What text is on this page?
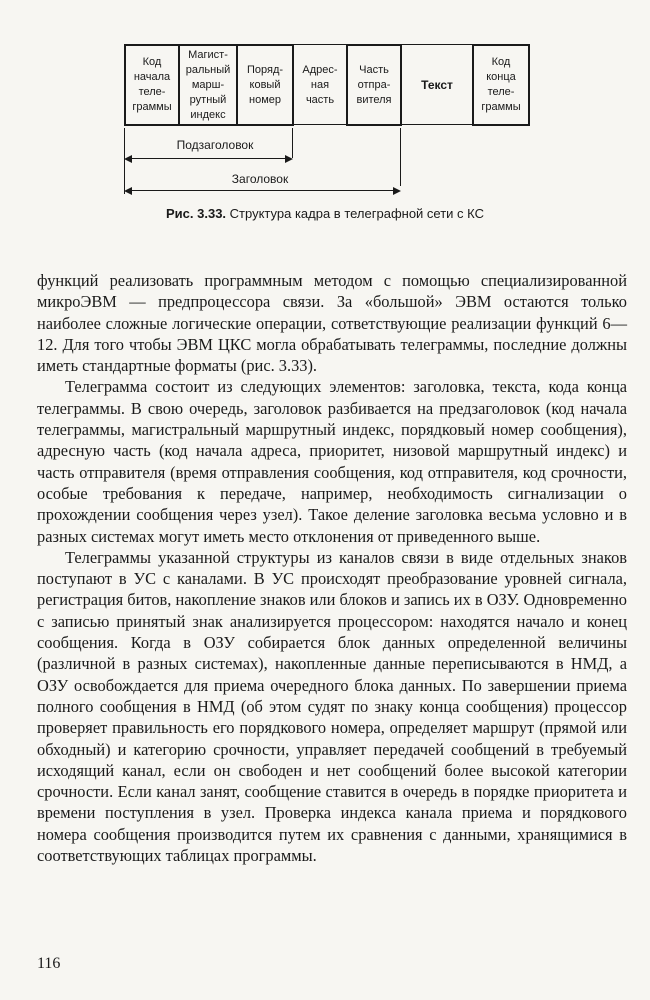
Код
начала
теле-
граммы
Магист-
ральный
марш-
рутный
индекс
Поряд-
ковый
номер
Адрес-
ная
часть
Часть
отпра-
вителя
Текст
Код
конца
теле-
граммы
Подзаголовок
Заголовок
Рис. 3.33. Структура кадра в телеграфной сети с КС

функций реализовать программным методом с помощью специализированной микроЭВМ — предпроцессора связи. За «большой» ЭВМ остаются только наиболее сложные логические операции, сответствующие реализации функций 6—12. Для того чтобы ЭВМ ЦКС могла обрабатывать телеграммы, последние должны иметь стандартные форматы (рис. 3.33).

Телеграмма состоит из следующих элементов: заголовка, текста, кода конца телеграммы. В свою очередь, заголовок разбивается на предзаголовок (код начала телеграммы, магистральный маршрутный индекс, порядковый номер сообщения), адресную часть (код начала адреса, приоритет, низовой маршрутный индекс) и часть отправителя (время отправления сообщения, код отправителя, код срочности, особые требования к передаче, например, необходимость сигнализации о прохождении сообщения через узел). Такое деление заголовка весьма условно и в разных системах могут иметь место отклонения от приведенного выше.

Телеграммы указанной структуры из каналов связи в виде отдельных знаков поступают в УС с каналами. В УС происходят преобразование уровней сигнала, регистрация битов, накопление знаков или блоков и запись их в ОЗУ. Одновременно с записью принятый знак анализируется процессором: находятся начало и конец сообщения. Когда в ОЗУ собирается блок данных определенной величины (различной в разных системах), накопленные данные переписываются в НМД, а ОЗУ освобождается для приема очередного блока данных. По завершении приема полного сообщения в НМД (об этом судят по знаку конца сообщения) процессор проверяет правильность его порядкового номера, определяет маршрут (прямой или обходный) и категорию срочности, управляет передачей сообщений в требуемый исходящий канал, если он свободен и нет сообщений более высокой категории срочности. Если канал занят, сообщение ставится в очередь в порядке приоритета и времени поступления в узел. Проверка индекса канала приема и порядкового номера сообщения производится путем их сравнения с данными, хранящимися в соответствующих таблицах программы.

116
